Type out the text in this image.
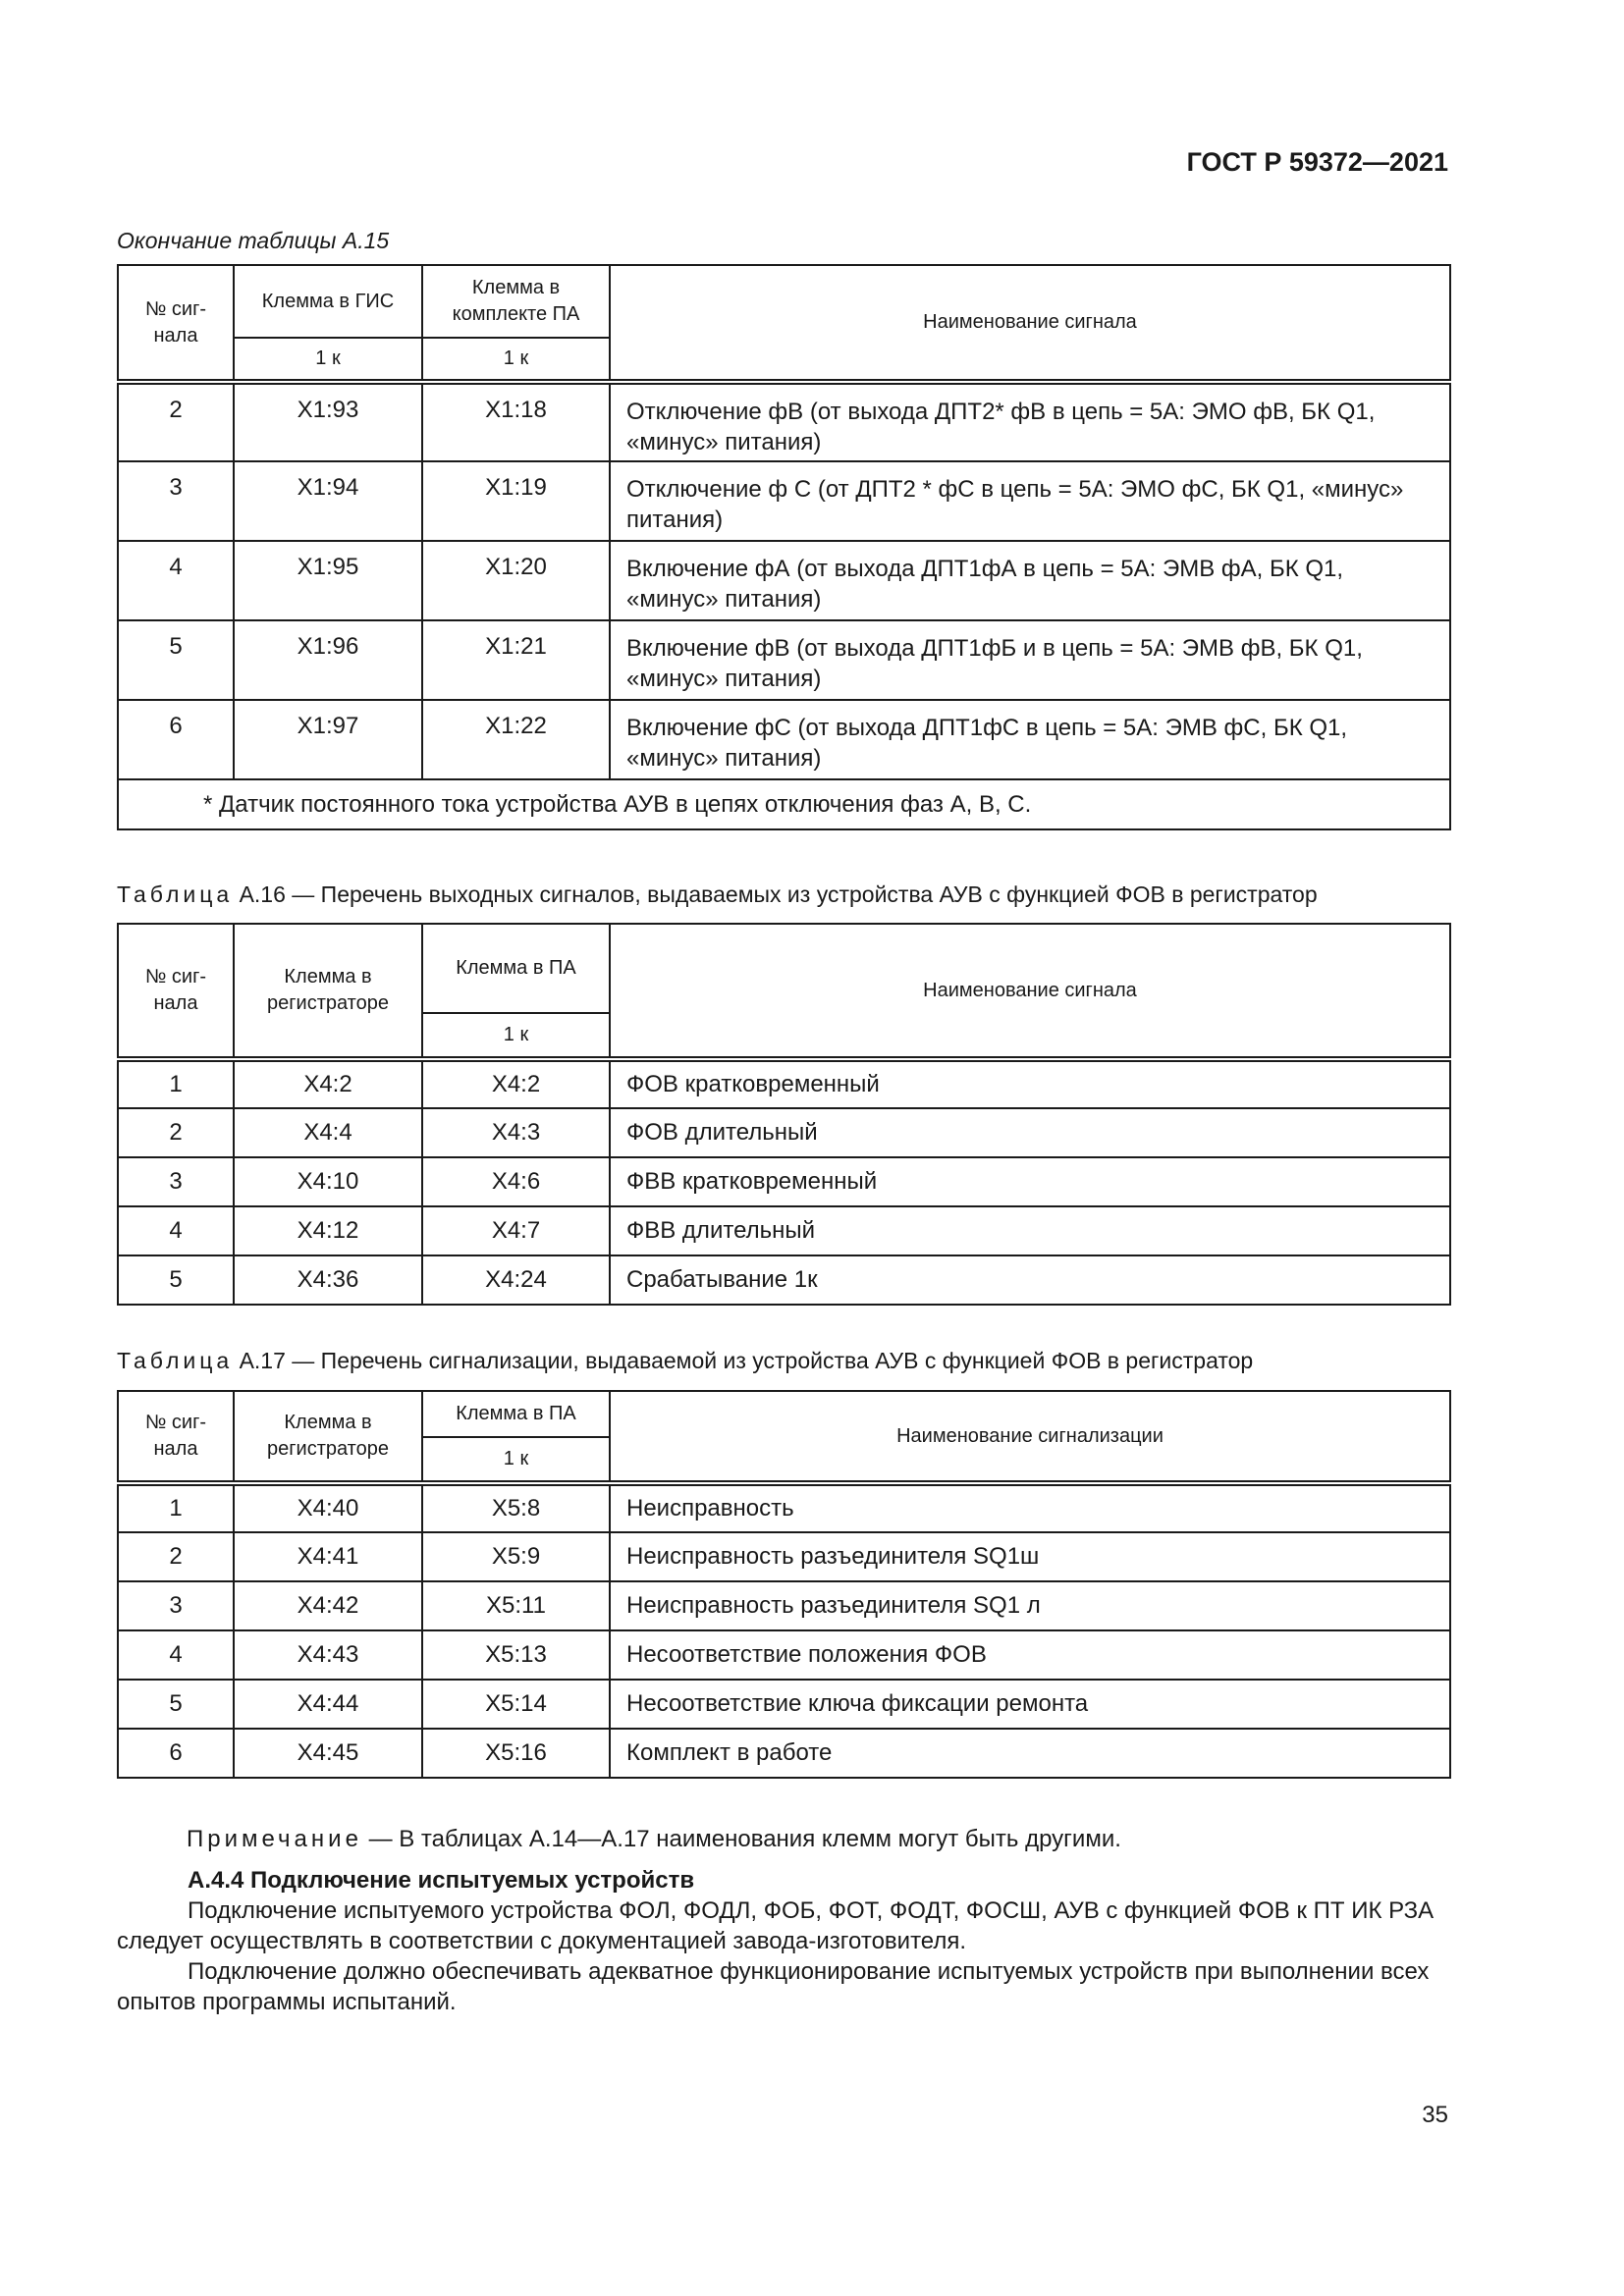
ГОСТ Р 59372—2021
Окончание таблицы А.15
№ сиг-нала	Клемма в ГИС	Клемма в комплекте ПА	Наименование сигнала
	1 к	1 к	
2	X1:93	X1:18	Отключение фВ (от выхода ДПТ2* фВ в цепь = 5А: ЭМО фВ, БК Q1, «минус» питания)
3	X1:94	X1:19	Отключение ф С (от ДПТ2 * фС в цепь = 5А: ЭМО фС, БК Q1, «минус» питания)
4	X1:95	X1:20	Включение фА (от выхода ДПТ1фА в цепь = 5А: ЭМВ фА, БК Q1, «минус» питания)
5	X1:96	X1:21	Включение фВ (от выхода ДПТ1фБ и в цепь = 5А: ЭМВ фВ, БК Q1, «минус» питания)
6	X1:97	X1:22	Включение фС (от выхода ДПТ1фС в цепь = 5А: ЭМВ фС, БК Q1, «минус» питания)
* Датчик постоянного тока устройства АУВ в цепях отключения фаз А, В, С.			
Таблица А.16 — Перечень выходных сигналов, выдаваемых из устройства АУВ с функцией ФОВ в регистратор
№ сиг-нала	Клемма в регистраторе	Клемма в ПА	Наименование сигнала
		1 к	
1	X4:2	X4:2	ФОВ кратковременный
2	X4:4	X4:3	ФОВ длительный
3	X4:10	X4:6	ФВВ кратковременный
4	X4:12	X4:7	ФВВ длительный
5	X4:36	X4:24	Срабатывание 1к
Таблица А.17 — Перечень сигнализации, выдаваемой из устройства АУВ с функцией ФОВ в регистратор
№ сиг-нала	Клемма в регистраторе	Клемма в ПА	Наименование сигнализации
		1 к	
1	X4:40	X5:8	Неисправность
2	X4:41	X5:9	Неисправность разъединителя SQ1ш
3	X4:42	X5:11	Неисправность разъединителя SQ1 л
4	X4:43	X5:13	Несоответствие положения ФОВ
5	X4:44	X5:14	Несоответствие ключа фиксации ремонта
6	X4:45	X5:16	Комплект в работе
Примечание — В таблицах А.14—А.17 наименования клемм могут быть другими.

А.4.4 Подключение испытуемых устройств

Подключение испытуемого устройства ФОЛ, ФОДЛ, ФОБ, ФОТ, ФОДТ, ФОСШ, АУВ с функцией ФОВ к ПТ ИК РЗА следует осуществлять в соответствии с документацией завода-изготовителя.

Подключение должно обеспечивать адекватное функционирование испытуемых устройств при выполнении всех опытов программы испытаний.

35
